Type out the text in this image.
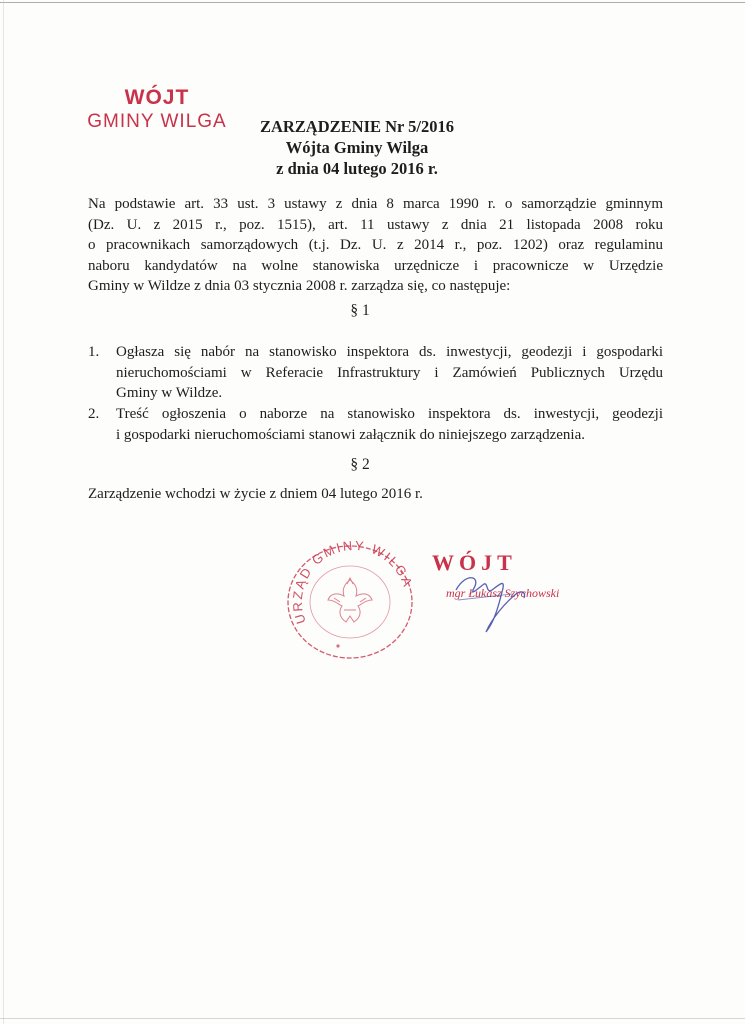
WÓJT
GMINY WILGA	ZARZĄDZENIE Nr 5/2016
Wójta Gminy Wilga
z dnia 04 lutego 2016 r.
Na podstawie art. 33 ust. 3 ustawy z dnia 8 marca 1990 r. o samorządzie gminnym
(Dz. U. z 2015 r., poz. 1515), art. 11 ustawy z dnia 21 listopada 2008 roku
o pracownikach samorządowych (t.j. Dz. U. z 2014 r., poz. 1202) oraz regulaminu
naboru kandydatów na wolne stanowiska urzędnicze i pracownicze w Urzędzie
Gminy w Wildze z dnia 03 stycznia 2008 r. zarządza się, co następuje:
§ 1
1.	Ogłasza się nabór na stanowisko inspektora ds. inwestycji, geodezji i gospodarki
nieruchomościami w Referacie Infrastruktury i Zamówień Publicznych Urzędu
Gminy w Wildze.
2.	Treść ogłoszenia o naborze na stanowisko inspektora ds. inwestycji, geodezji
i gospodarki nieruchomościami stanowi załącznik do niniejszego zarządzenia.
§ 2
Zarządzenie wchodzi w życie z dniem 04 lutego 2016 r.
URZĄD GMINY WILGA
WÓJT
mgr Łukasz Szychowski
